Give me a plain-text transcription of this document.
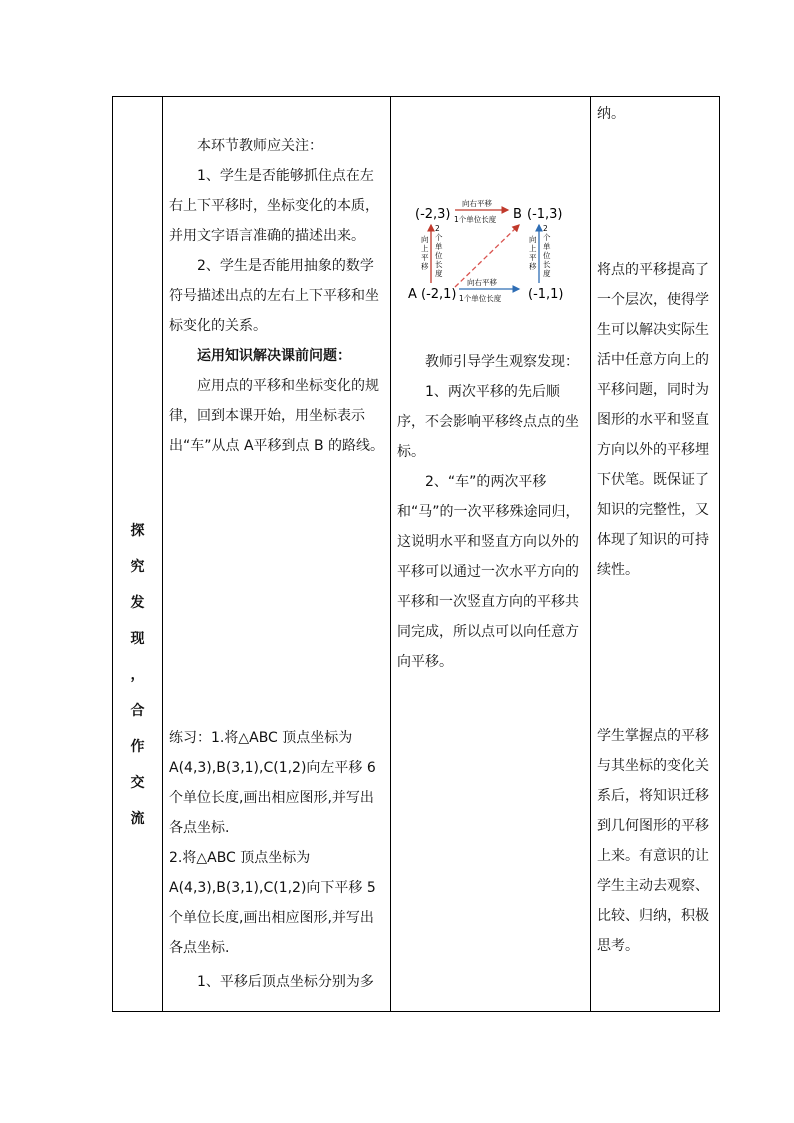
探
究
发
现
，
合
作
交
流

本环节教师应关注：

1、学生是否能够抓住点在左右上下平移时，坐标变化的本质，并用文字语言准确的描述出来。

2、学生是否能用抽象的数学符号描述出点的左右上下平移和坐标变化的关系。

运用知识解决课前问题：

应用点的平移和坐标变化的规律，回到本课开始，用坐标表示出“车”从点 A平移到点 B 的路线。

练习：1.将△ABC 顶点坐标为A(4,3),B(3,1),C(1,2)向左平移 6 个单位长度,画出相应图形,并写出各点坐标.

2.将△ABC 顶点坐标为A(4,3),B(3,1),C(1,2)向下平移 5 个单位长度,画出相应图形,并写出各点坐标.

1、平移后顶点坐标分别为多

(-2,3)	B (-1,3)
A (-2,1)	(-1,1)
向右平移
1个单位长度
向右平移
1个单位长度
向
上
平
移
2
个
单
位
长
度
向
上
平
移
2
个
单
位
长
度

教师引导学生观察发现：

1、两次平移的先后顺序，不会影响平移终点点的坐标。

2、“车”的两次平移和“马”的一次平移殊途同归，这说明水平和竖直方向以外的平移可以通过一次水平方向的平移和一次竖直方向的平移共同完成，所以点可以向任意方向平移。

纳。

将点的平移提高了一个层次，使得学生可以解决实际生活中任意方向上的平移问题，同时为图形的水平和竖直方向以外的平移埋下伏笔。既保证了知识的完整性，又体现了知识的可持续性。

学生掌握点的平移与其坐标的变化关系后，将知识迁移到几何图形的平移上来。有意识的让学生主动去观察、比较、归纳，积极思考。
